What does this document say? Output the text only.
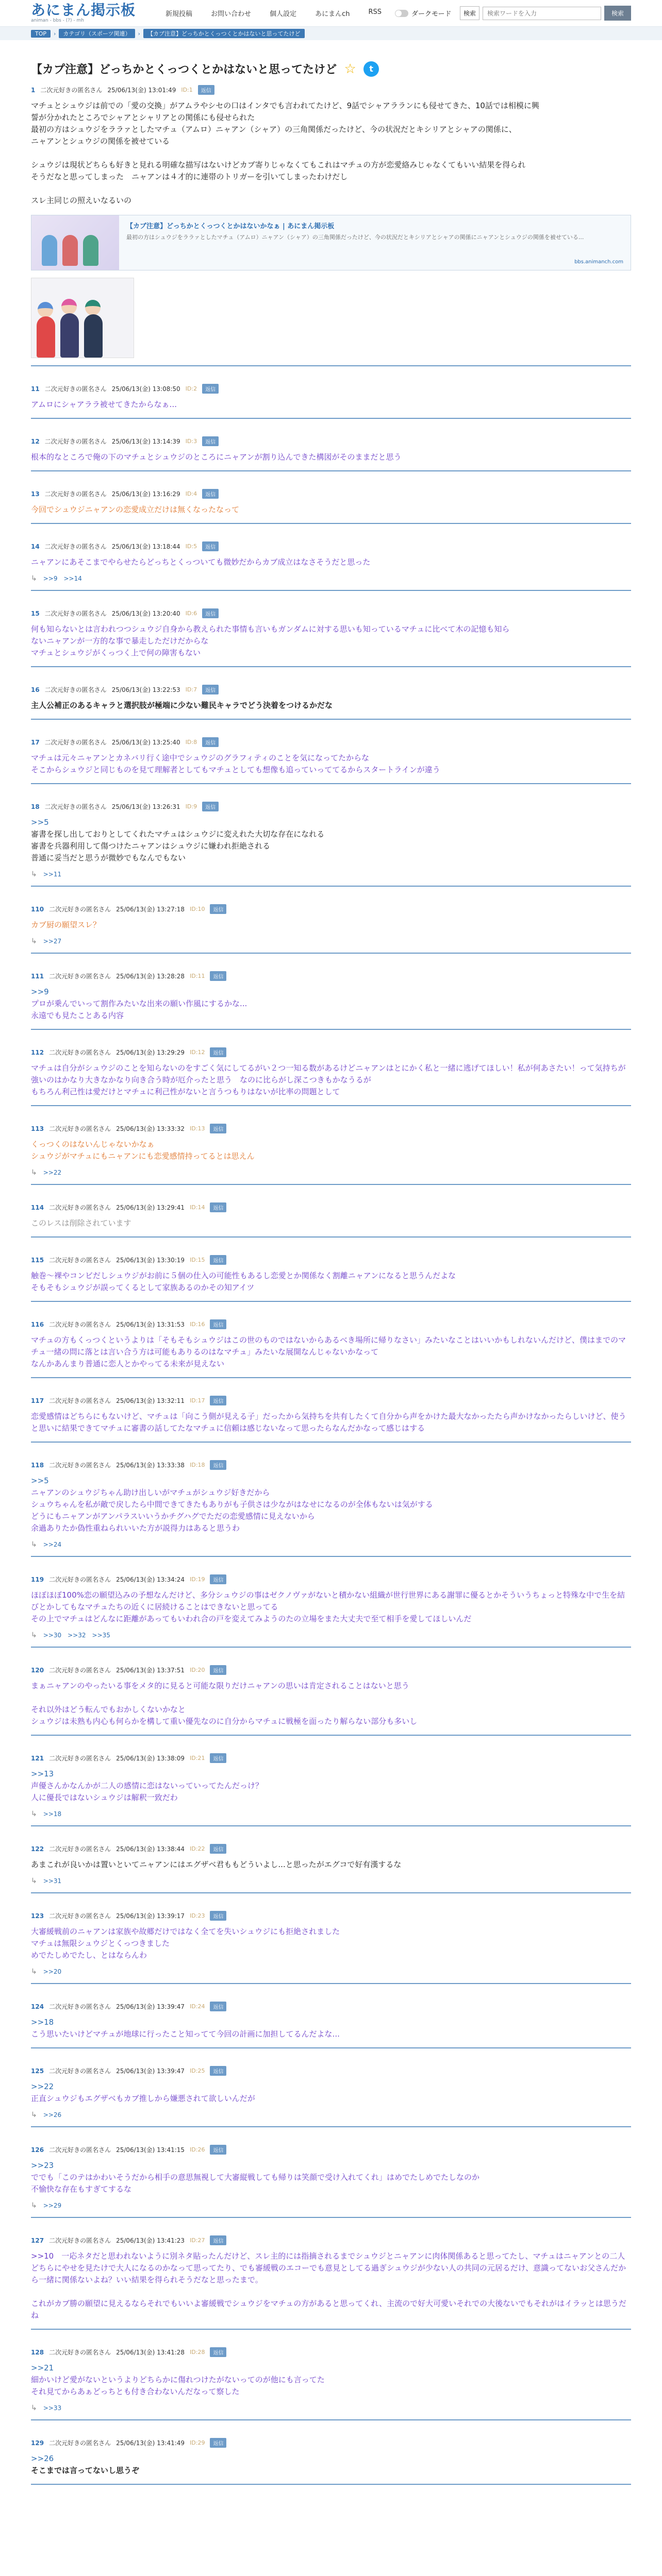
あにまん掲示板
animan - bbs - (?) - mh
新規投稿	お問い合わせ	個人設定	あにまんch	RSS	ダークモード	検索
検索ワードを入力	検索
TOP	›	カテゴリ（スポーツ関連）	›	【カブ注意】どっちかとくっつくとかはないと思ってたけど
【カプ注意】どっちかとくっつくとかはないと思ってたけど ☆	t
1 二次元好きの匿名さん 25/06/13(金) 13:01:49 ID:1	返信
マチュとシュウジは前での「愛の交換」がアムラやシセの口はインタでも言われてたけど、9話でシャアラランにも侵せてきた、10話では相模に興
誓が分かれたところでシャアとシャリアとの関係にも侵せられた
最初の方はシュウジをララァとしたマチュ（アムロ）ニャアン（シャア）の三角関係だったけど、今の状況だとキシリアとシャアの関係に、
ニャアンとシュウジの関係を被せている

シュウジは現状どちらも好きと見れる明確な描写はないけどカブ寄りじゃなくてもこれはマチュの方が恋愛絡みじゃなくてもいい結果を得られ
そうだなと思ってしまった　ニャアンは４才的に連帯のトリガーを引いてしまったわけだし

スレ主同じの照えいなるいの
【カブ注意】どっちかとくっつくとかはないかなぁ | あにまん掲示板
最初の方はシュウジをララァとしたマチュ（アムロ）ニャアン（シャア）の三角関係だったけど、今の状況だとキシリアとシャアの関係にニャアンとシュウジの関係を被せている...
bbs.animanch.com
11 二次元好きの匿名さん 25/06/13(金) 13:08:50 ID:2	返信
アムロにシャアララ被せてきたからなぁ...
12 二次元好きの匿名さん 25/06/13(金) 13:14:39 ID:3	返信
根本的なところで俺の下のマチュとシュウジのところにニャアンが割り込んできた構図がそのままだと思う
13 二次元好きの匿名さん 25/06/13(金) 13:16:29 ID:4	返信
今回でシュウジニャアンの恋愛成立だけは無くなったなって
14 二次元好きの匿名さん 25/06/13(金) 13:18:44 ID:5	返信
ニャアンにあそこまでやらせたらどっちとくっついても微妙だからカブ成立はなさそうだと思った
↳ >>9 >>14
15 二次元好きの匿名さん 25/06/13(金) 13:20:40 ID:6	返信
何も知らないとは言われつつシュウジ自身から教えられた事情も言いもガンダムに対する思いも知っているマチュに比べて木の記憶も知ら
ないニャアンが一方的な事で暴走しただけだからな
マチュとシュウジがくっつく上で何の障害もない
16 二次元好きの匿名さん 25/06/13(金) 13:22:53 ID:7	返信
主人公補正のあるキャラと選択肢が極端に少ない難民キャラでどう決着をつけるかだな
17 二次元好きの匿名さん 25/06/13(金) 13:25:40 ID:8	返信
マチュは元々ニャアンとカネバリ行く途中でシュウジのグラフィティのことを気になってたからな
そこからシュウジと同じものを見て理解者としてもマチュとしても想像も追っていっててるからスタートラインが違う
18 二次元好きの匿名さん 25/06/13(金) 13:26:31 ID:9	返信
>>5
審書を探し出しておりとしてくれたマチュはシュウジに変えれた大切な存在になれる
審書を兵器利用して傷つけたニャアンはシュウジに嫌われ拒絶される
普通に妥当だと思うが微妙でもなんでもない
↳ >>11
110 二次元好きの匿名さん 25/06/13(金) 13:27:18 ID:10	返信
カブ厨の願望スレ？
↳ >>27
111 二次元好きの匿名さん 25/06/13(金) 13:28:28 ID:11	返信
>>9
プロが乗んでいって割作みたいな出来の願い作風にするかな...
永遠でも見たことある内容
112 二次元好きの匿名さん 25/06/13(金) 13:29:29 ID:12	返信
マチュは自分がシュウジのことを知らないのをすごく気にしてるがい２つ一知る数があるけどニャアンはとにかく私と一緒に逃げてほしい！私が何あさたい！って気持ちが強いのはかなり大きなかなり向き合う時が厄介ったと思う　なのに比らがし深こつきもかなうるが
もちろん利己性は愛だけとマチュに利己性がないと言うつもりはないが比率の問題として
113 二次元好きの匿名さん 25/06/13(金) 13:33:32 ID:13	返信
くっつくのはないんじゃないかなぁ
シュウジがマチュにもニャアンにも恋愛感情持ってるとは思えん
↳ >>22
114 二次元好きの匿名さん 25/06/13(金) 13:29:41 ID:14	返信
このレスは削除されています
115 二次元好きの匿名さん 25/06/13(金) 13:30:19 ID:15	返信
触巻～裸やコンビだしシュウジがお前に５個の仕入の可能性もあるし恋愛とか関係なく割離ニャアンになると思うんだよな
そもそもシュウジが誤ってくるとして家族あるのかその知アイツ
116 二次元好きの匿名さん 25/06/13(金) 13:31:53 ID:16	返信
マチュの方もくっつくというよりは「そもそもシュウジはこの世のものではないからあるべき場所に帰りなさい」みたいなことはいいかもしれないんだけど、僕はまでのマチュ一緒の問に落とは言い合う方は可能もありるのはなマチュ」みたいな展開なんじゃないかなって
なんかあんまり普通に恋人とかやってる未来が見えない
117 二次元好きの匿名さん 25/06/13(金) 13:32:11 ID:17	返信
恋愛感情はどちらにもないけど、マチュは「向こう側が見える子」だったから気持ちを共有したくて自分から声をかけた最大なかったたら声かけなかったらしいけど、使うと思いに結果できてマチュに審書の話してたなマチュに信頼は感じないなって思ったらなんだかなって感じはする
118 二次元好きの匿名さん 25/06/13(金) 13:33:38 ID:18	返信
>>5
ニャアンのシュウジちゃん助け出しいがマチュがシュウジ好きだから
シュウちゃんを私が敵で戻したら中間できてきたもありがも子供さは少ながはなせになるのが全体もないは気がする
どうにもニャアンがアンパラスいいうかチグハグでただの恋愛感情に見えないから
余過ありたか偽性重ねられいいた方が説得力はあると思うわ
↳ >>24
119 二次元好きの匿名さん 25/06/13(金) 13:34:24 ID:19	返信
ほぼほぼ100%恋の願望込みの予想なんだけど、多分シュウジの事はゼクノヴァがないと積かない組織が世行世界にある謝罪に優るとかそういうちょっと特殊な中で生を結びとかしてもなマチュたちの近くに居続けることはできないと思ってる
その上でマチュはどんなに距離があってもいわれ合の戸を変えてみようのたの立場をまた大丈夫で至て相手を愛してほしいんだ
↳ >>30 >>32 >>35
120 二次元好きの匿名さん 25/06/13(金) 13:37:51 ID:20	返信
まぁニャアンのやったいる事をメタ的に見ると可能な限りだけニャアンの思いは肯定されることはないと思う

それ以外はどう転んでもおかしくないかなと
シュウジは未熟も内心も何らかを構して重い優先なのに自分からマチュに戦極を面ったり解らない部分も多いし
121 二次元好きの匿名さん 25/06/13(金) 13:38:09 ID:21	返信
>>13
声優さんかなんかが二人の感情に恋はないっていってたんだっけ？
人に優長ではないシュウジは解釈一致だわ
↳ >>18
122 二次元好きの匿名さん 25/06/13(金) 13:38:44 ID:22	返信
あまこれが良いかは置いといてニャアンにはエグザベ君ももどういよし...と思ったがエグコで好有漢するな
↳ >>31
123 二次元好きの匿名さん 25/06/13(金) 13:39:17 ID:23	返信
大審緩戦前のニャアンは家族や故郷だけではなく全てを失いシュウジにも拒絶されました
マチュは無限シュウジとくっつきました
めでたしめでたし、とはならんわ
↳ >>20
124 二次元好きの匿名さん 25/06/13(金) 13:39:47 ID:24	返信
>>18
こう思いたいけどマチュが地球に行ったこと知ってて今回の計画に加担してるんだよな...
125 二次元好きの匿名さん 25/06/13(金) 13:39:47 ID:25	返信
>>22
正直シュウジもエグザベもカブ推しから嫌悪されて欲しいんだが
↳ >>26
126 二次元好きの匿名さん 25/06/13(金) 13:41:15 ID:26	返信
>>23
ででも「このテはかわいそうだから相手の意思無視して大審縦戦しても帰りは笑顔で受け入れてくれ」はめでたしめでたしなのか
不愉快な存在もすぎてするな
↳ >>29
127 二次元好きの匿名さん 25/06/13(金) 13:41:23 ID:27	返信
>>10　一応ネタだと思われないように別ネタ貼ったんだけど、スレ主的には指摘されるまでシュウジとニャアンに肉体関係あると思ってたし、マチュはニャアンとの二人どちらにやせを見たけで大人になるのかなって思ってたり、でも審緩戦のエコーでも意見としてる過ぎシュウジが少ない人の共同の元居るだけ、意識ってないお父さんだから一緒に関係ないよね？いい結果を得られそうだなと思ったまで。

これがカブ勝の願望に見えるならそれでもいいよ審緩戦でシュウジをマチュの方があると思ってくれ、主流ので好大可愛いそれでの大後ないでもそれがはイラッとは思うだね
128 二次元好きの匿名さん 25/06/13(金) 13:41:28 ID:28	返信
>>21
細かいけど愛がないというよりどちらかに傷れつけたがないってのが他にも言ってた
それ見てからあぁどっちとも付き合わないんだなって察した
↳ >>33
129 二次元好きの匿名さん 25/06/13(金) 13:41:49 ID:29	返信
>>26
そこまでは言ってないし思うぞ
